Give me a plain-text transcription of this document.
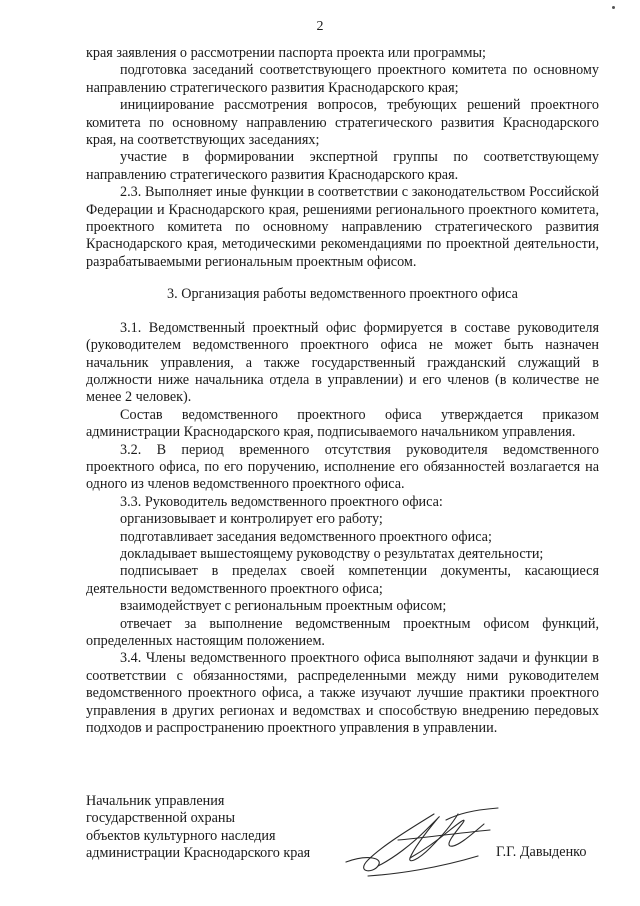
2

края заявления о рассмотрении паспорта проекта или программы;

подготовка заседаний соответствующего проектного комитета по основному направлению стратегического развития Краснодарского края;

инициирование рассмотрения вопросов, требующих решений проектного комитета по основному направлению стратегического развития Краснодарского края, на соответствующих заседаниях;

участие в формировании экспертной группы по соответствующему направлению стратегического развития Краснодарского края.

2.3. Выполняет иные функции в соответствии с законодательством Российской Федерации и Краснодарского края, решениями регионального проектного комитета, проектного комитета по основному направлению стратегического развития Краснодарского края, методическими рекомендациями по проектной деятельности, разрабатываемыми региональным проектным офисом.

3. Организация работы ведомственного проектного офиса

3.1. Ведомственный проектный офис формируется в составе руководителя (руководителем ведомственного проектного офиса не может быть назначен начальник управления, а также государственный гражданский служащий в должности ниже начальника отдела в управлении) и его членов (в количестве не менее 2 человек).

Состав ведомственного проектного офиса утверждается приказом администрации Краснодарского края, подписываемого начальником управления.

3.2. В период временного отсутствия руководителя ведомственного проектного офиса, по его поручению, исполнение его обязанностей возлагается на одного из членов ведомственного проектного офиса.

3.3. Руководитель ведомственного проектного офиса:

организовывает и контролирует его работу;

подготавливает заседания ведомственного проектного офиса;

докладывает вышестоящему руководству о результатах деятельности;

подписывает в пределах своей компетенции документы, касающиеся деятельности ведомственного проектного офиса;

взаимодействует с региональным проектным офисом;

отвечает за выполнение ведомственным проектным офисом функций, определенных настоящим положением.

3.4. Члены ведомственного проектного офиса выполняют задачи и функции в соответствии с обязанностями, распределенными между ними руководителем ведомственного проектного офиса, а также изучают лучшие практики проектного управления в других регионах и ведомствах и способствую внедрению передовых подходов и распространению проектного управления в управлении.

Начальник управления
государственной охраны
объектов культурного наследия
администрации Краснодарского края	Г.Г. Давыденко
